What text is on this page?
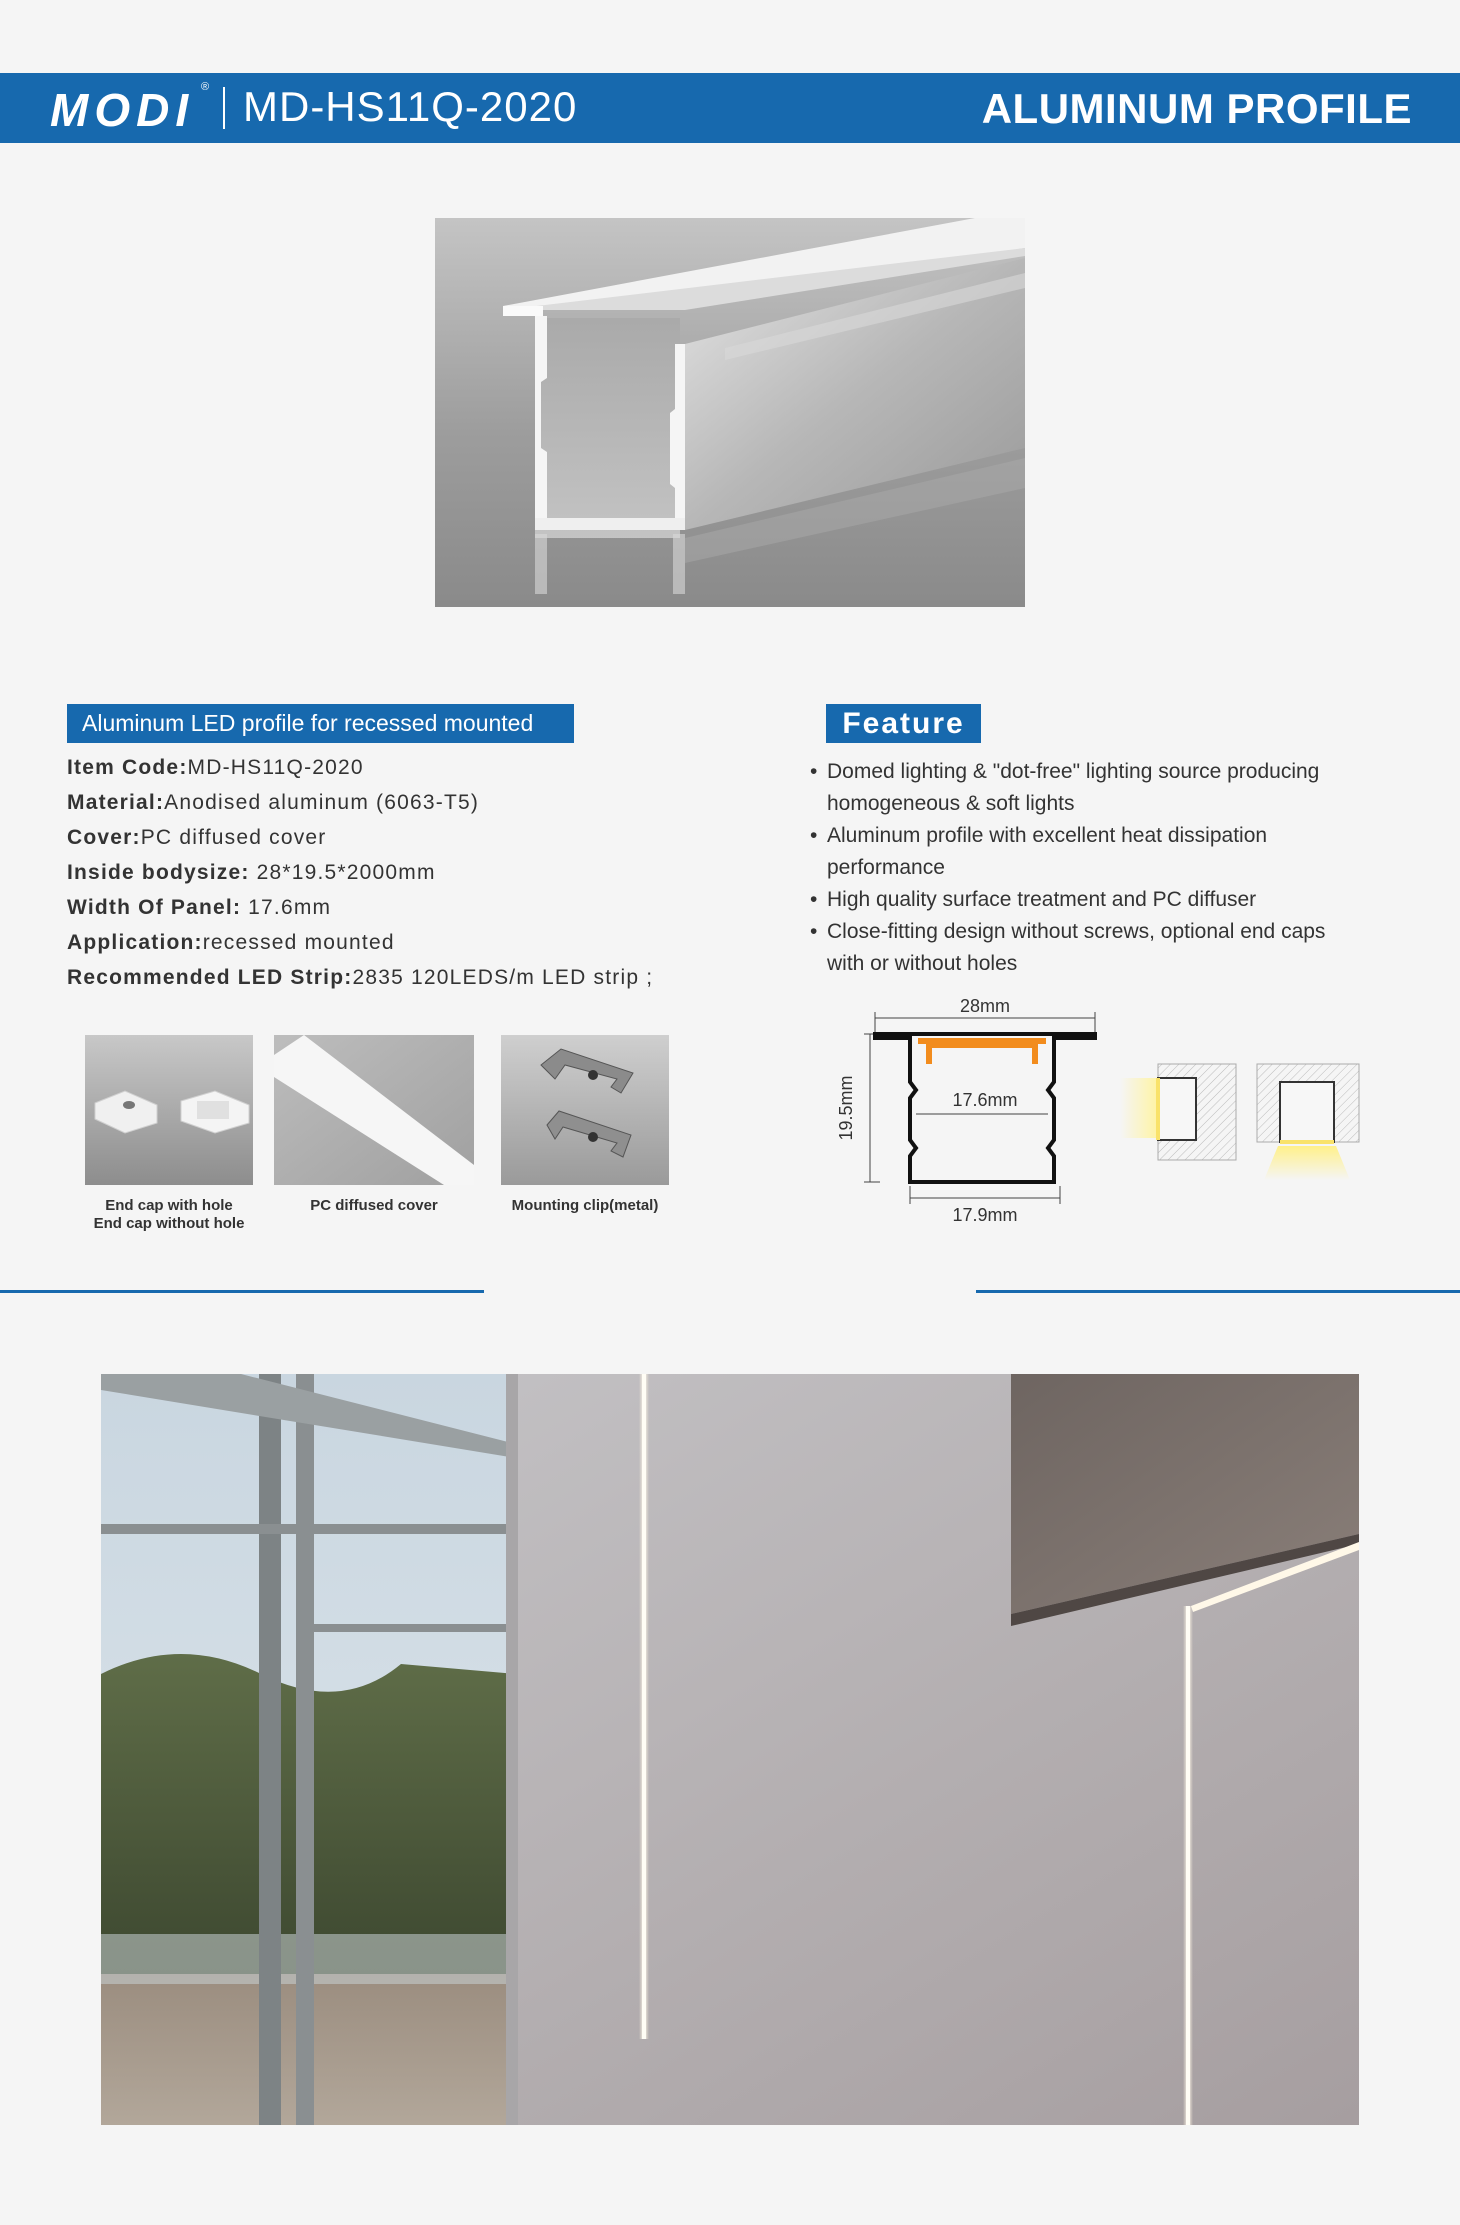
MODI ® MD-HS11Q-2020	ALUMINUM PROFILE
Aluminum LED profile for recessed mounted
Item Code:MD-HS11Q-2020
Material:Anodised aluminum (6063-T5)
Cover:PC diffused cover
Inside bodysize: 28*19.5*2000mm
Width Of Panel: 17.6mm
Application:recessed mounted
Recommended LED Strip:2835 120LEDS/m LED strip ;
Feature
• Domed lighting & "dot-free" lighting source producing homogeneous & soft lights
• Aluminum profile with excellent heat dissipation performance
• High quality surface treatment and PC diffuser
• Close-fitting design without screws, optional end caps with or without holes
28mm
19.5mm	17.6mm
17.9mm
End cap with hole
End cap without hole
PC diffused cover	Mounting clip(metal)
